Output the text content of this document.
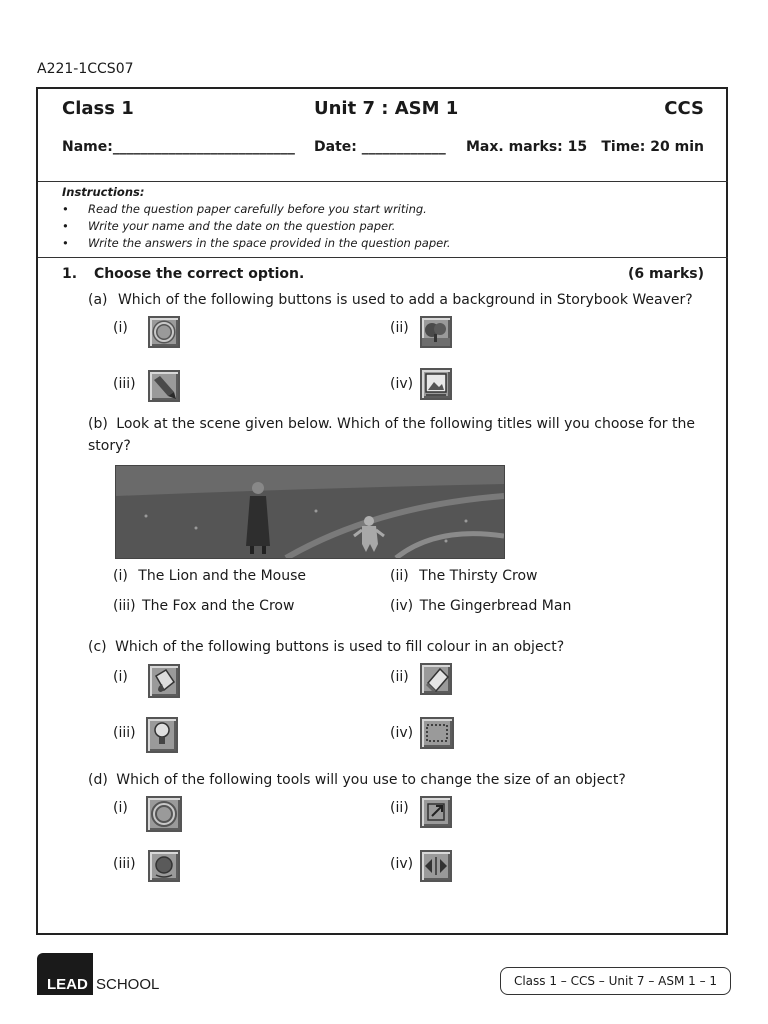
A221-1CCS07
Class 1	Unit 7 : ASM 1	CCS
Name:__________________________ Date: ____________ Max. marks: 15 Time: 20 min
Instructions:
• Read the question paper carefully before you start writing.
• Write your name and the date on the question paper.
• Write the answers in the space provided in the question paper.
1. Choose the correct option.	(6 marks)
(a) Which of the following buttons is used to add a background in Storybook Weaver?
(i)	(ii)
(iii)	(iv)
(b) Look at the scene given below. Which of the following titles will you choose for the story?
(i) The Lion and the Mouse	(ii) The Thirsty Crow
(iii) The Fox and the Crow	(iv) The Gingerbread Man
(c) Which of the following buttons is used to fill colour in an object?
(i)	(ii)
(iii)	(iv)
(d) Which of the following tools will you use to change the size of an object?
(i)	(ii)
(iii)	(iv)
LEAD SCHOOL	Class 1 – CCS – Unit 7 – ASM 1 – 1
